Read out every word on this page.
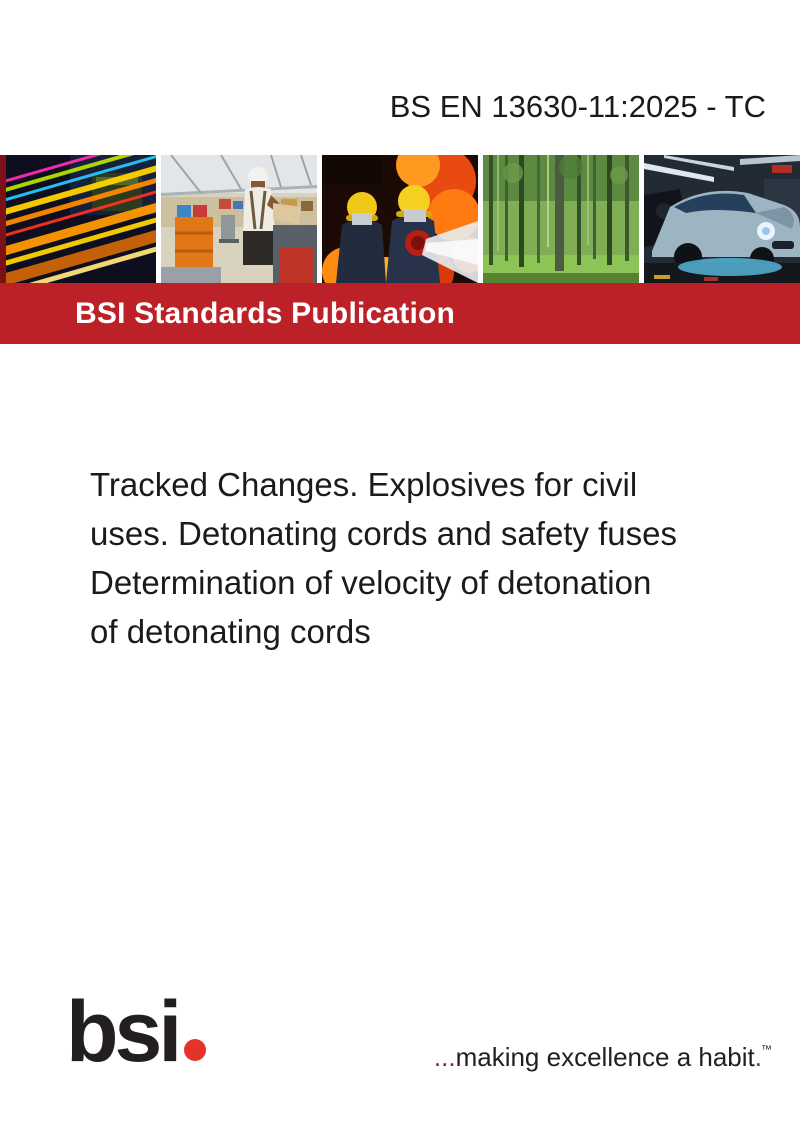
BS EN 13630-11:2025 - TC
BSI Standards Publication
Tracked Changes. Explosives for civil
uses. Detonating cords and safety fuses
Determination of velocity of detonation
of detonating cords
bsi	...making excellence a habit.™
